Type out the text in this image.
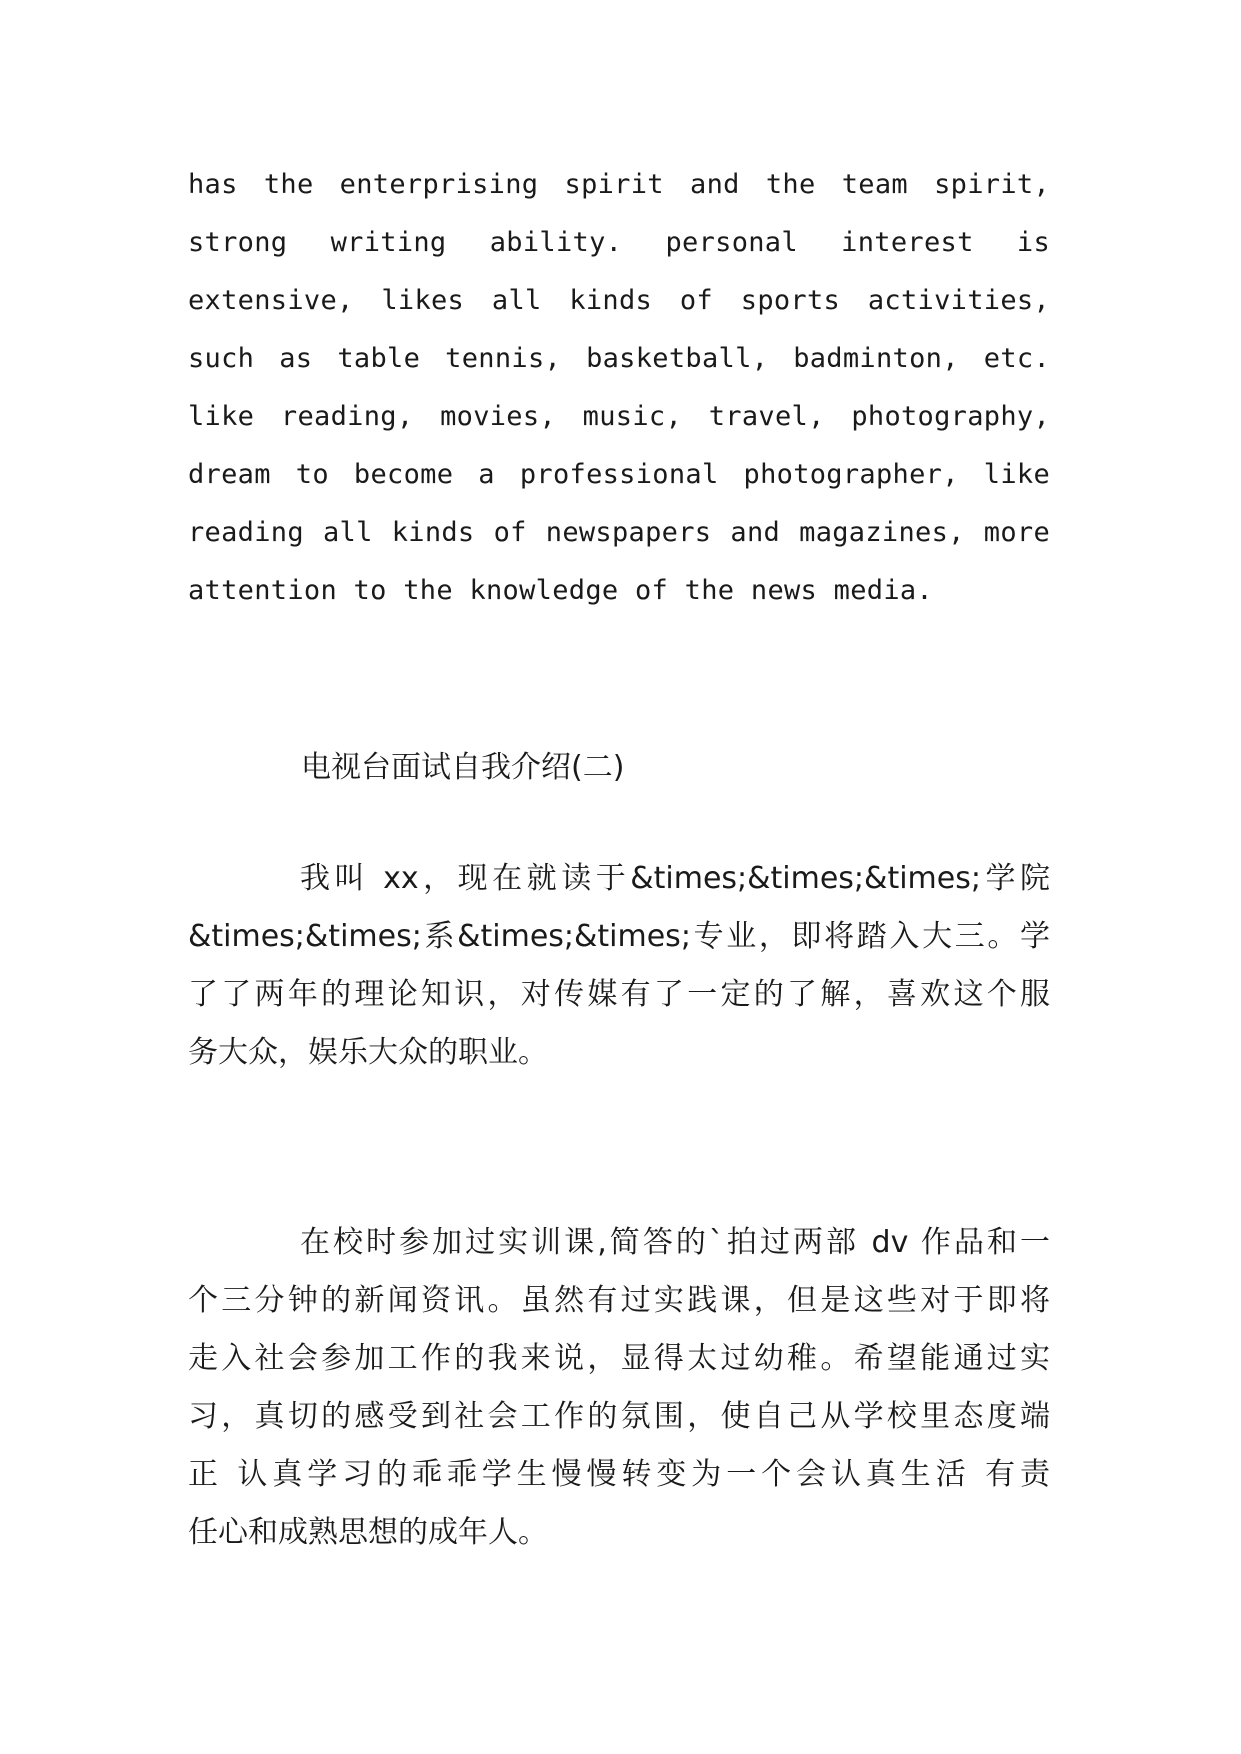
has the enterprising spirit and the team spirit,
strong writing ability. personal interest is
extensive, likes all kinds of sports activities,
such as table tennis, basketball, badminton, etc.
like reading, movies, music, travel, photography,
dream to become a professional photographer, like
reading all kinds of newspapers and magazines, more
attention to the knowledge of the news media.
电视台面试自我介绍(二)
我叫 xx，现在就读于&times;&times;&times;学院
&times;&times;系&times;&times;专业，即将踏入大三。学
了了两年的理论知识，对传媒有了一定的了解，喜欢这个服
务大众，娱乐大众的职业。
在校时参加过实训课,简答的`拍过两部 dv 作品和一
个三分钟的新闻资讯。虽然有过实践课，但是这些对于即将
走入社会参加工作的我来说，显得太过幼稚。希望能通过实
习，真切的感受到社会工作的氛围，使自己从学校里态度端
正 认真学习的乖乖学生慢慢转变为一个会认真生活 有责
任心和成熟思想的成年人。
